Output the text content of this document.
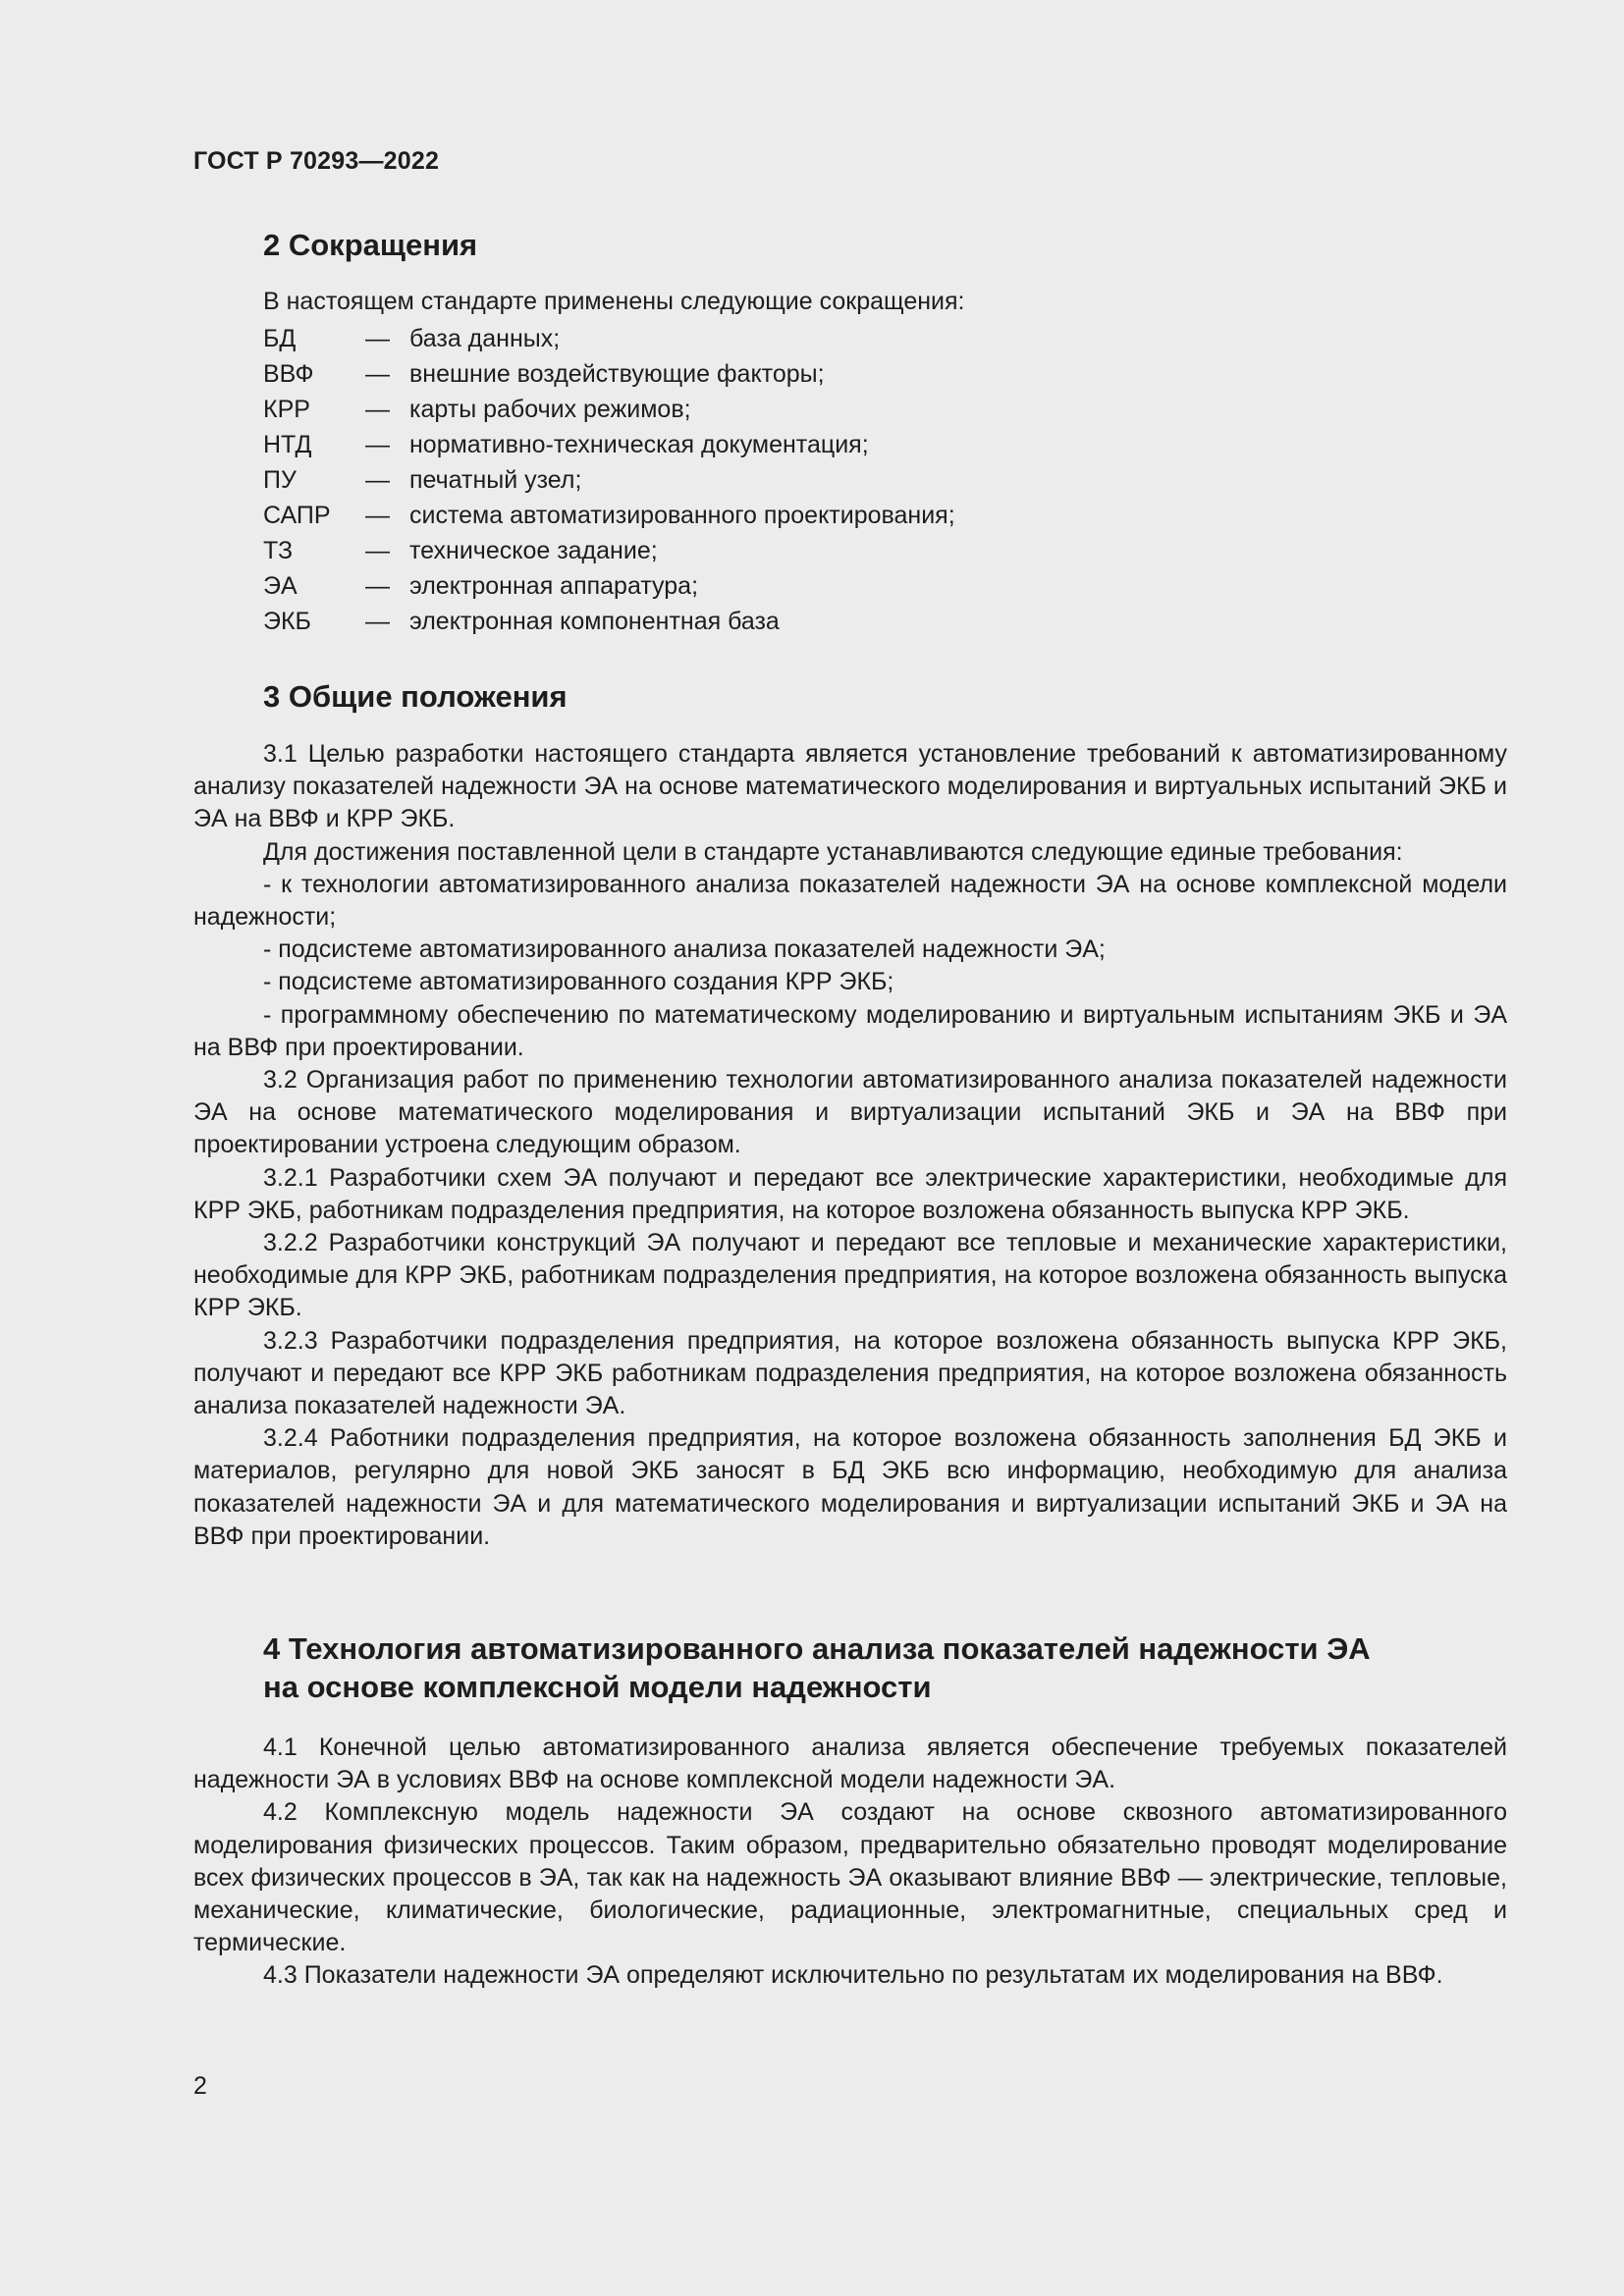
ГОСТ Р 70293—2022
2 Сокращения
В настоящем стандарте применены следующие сокращения:
БД	— база данных;
ВВФ — внешние воздействующие факторы;
КРР — карты рабочих режимов;
НТД — нормативно-техническая документация;
ПУ	— печатный узел;
САПР — система автоматизированного проектирования;
ТЗ	— техническое задание;
ЭА	— электронная аппаратура;
ЭКБ — электронная компонентная база
3 Общие положения

3.1 Целью разработки настоящего стандарта является установление требований к автоматизированному анализу показателей надежности ЭА на основе математического моделирования и виртуальных испытаний ЭКБ и ЭА на ВВФ и КРР ЭКБ.

Для достижения поставленной цели в стандарте устанавливаются следующие единые требования:

- к технологии автоматизированного анализа показателей надежности ЭА на основе комплексной модели надежности;

- подсистеме автоматизированного анализа показателей надежности ЭА;

- подсистеме автоматизированного создания КРР ЭКБ;

- программному обеспечению по математическому моделированию и виртуальным испытаниям ЭКБ и ЭА на ВВФ при проектировании.

3.2 Организация работ по применению технологии автоматизированного анализа показателей надежности ЭА на основе математического моделирования и виртуализации испытаний ЭКБ и ЭА на ВВФ при проектировании устроена следующим образом.

3.2.1 Разработчики схем ЭА получают и передают все электрические характеристики, необходимые для КРР ЭКБ, работникам подразделения предприятия, на которое возложена обязанность выпуска КРР ЭКБ.

3.2.2 Разработчики конструкций ЭА получают и передают все тепловые и механические характеристики, необходимые для КРР ЭКБ, работникам подразделения предприятия, на которое возложена обязанность выпуска КРР ЭКБ.

3.2.3 Разработчики подразделения предприятия, на которое возложена обязанность выпуска КРР ЭКБ, получают и передают все КРР ЭКБ работникам подразделения предприятия, на которое возложена обязанность анализа показателей надежности ЭА.

3.2.4 Работники подразделения предприятия, на которое возложена обязанность заполнения БД ЭКБ и материалов, регулярно для новой ЭКБ заносят в БД ЭКБ всю информацию, необходимую для анализа показателей надежности ЭА и для математического моделирования и виртуализации испытаний ЭКБ и ЭА на ВВФ при проектировании.

4 Технология автоматизированного анализа показателей надежности ЭА
на основе комплексной модели надежности

4.1 Конечной целью автоматизированного анализа является обеспечение требуемых показателей надежности ЭА в условиях ВВФ на основе комплексной модели надежности ЭА.

4.2 Комплексную модель надежности ЭА создают на основе сквозного автоматизированного моделирования физических процессов. Таким образом, предварительно обязательно проводят моделирование всех физических процессов в ЭА, так как на надежность ЭА оказывают влияние ВВФ — электрические, тепловые, механические, климатические, биологические, радиационные, электромагнитные, специальных сред и термические.

4.3 Показатели надежности ЭА определяют исключительно по результатам их моделирования на ВВФ.

2
